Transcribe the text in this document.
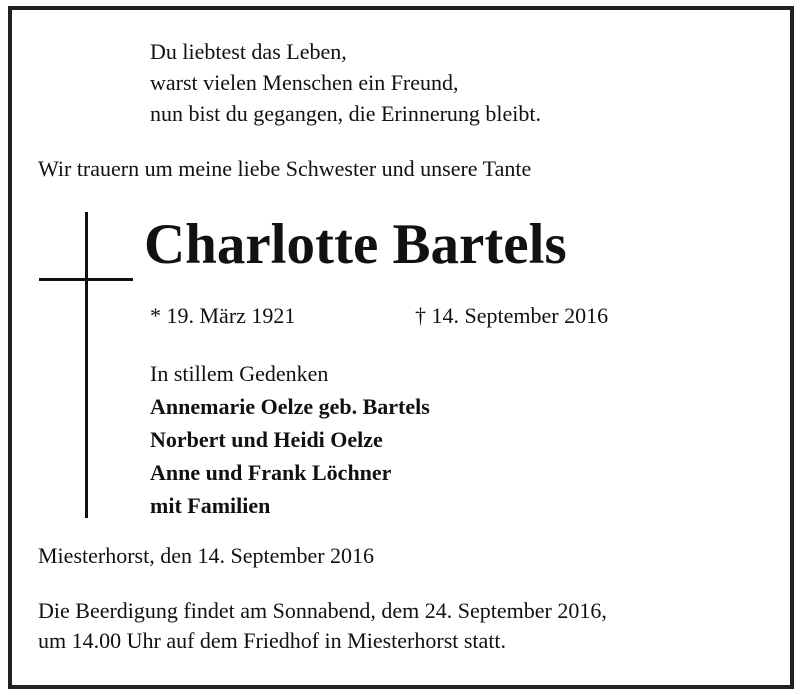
Du liebtest das Leben,
warst vielen Menschen ein Freund,
nun bist du gegangen, die Erinnerung bleibt.
Wir trauern um meine liebe Schwester und unsere Tante
Charlotte Bartels
* 19. März 1921	† 14. September 2016
In stillem Gedenken
Annemarie Oelze geb. Bartels
Norbert und Heidi Oelze
Anne und Frank Löchner
mit Familien
Miesterhorst, den 14. September 2016
Die Beerdigung findet am Sonnabend, dem 24. September 2016,
um 14.00 Uhr auf dem Friedhof in Miesterhorst statt.
